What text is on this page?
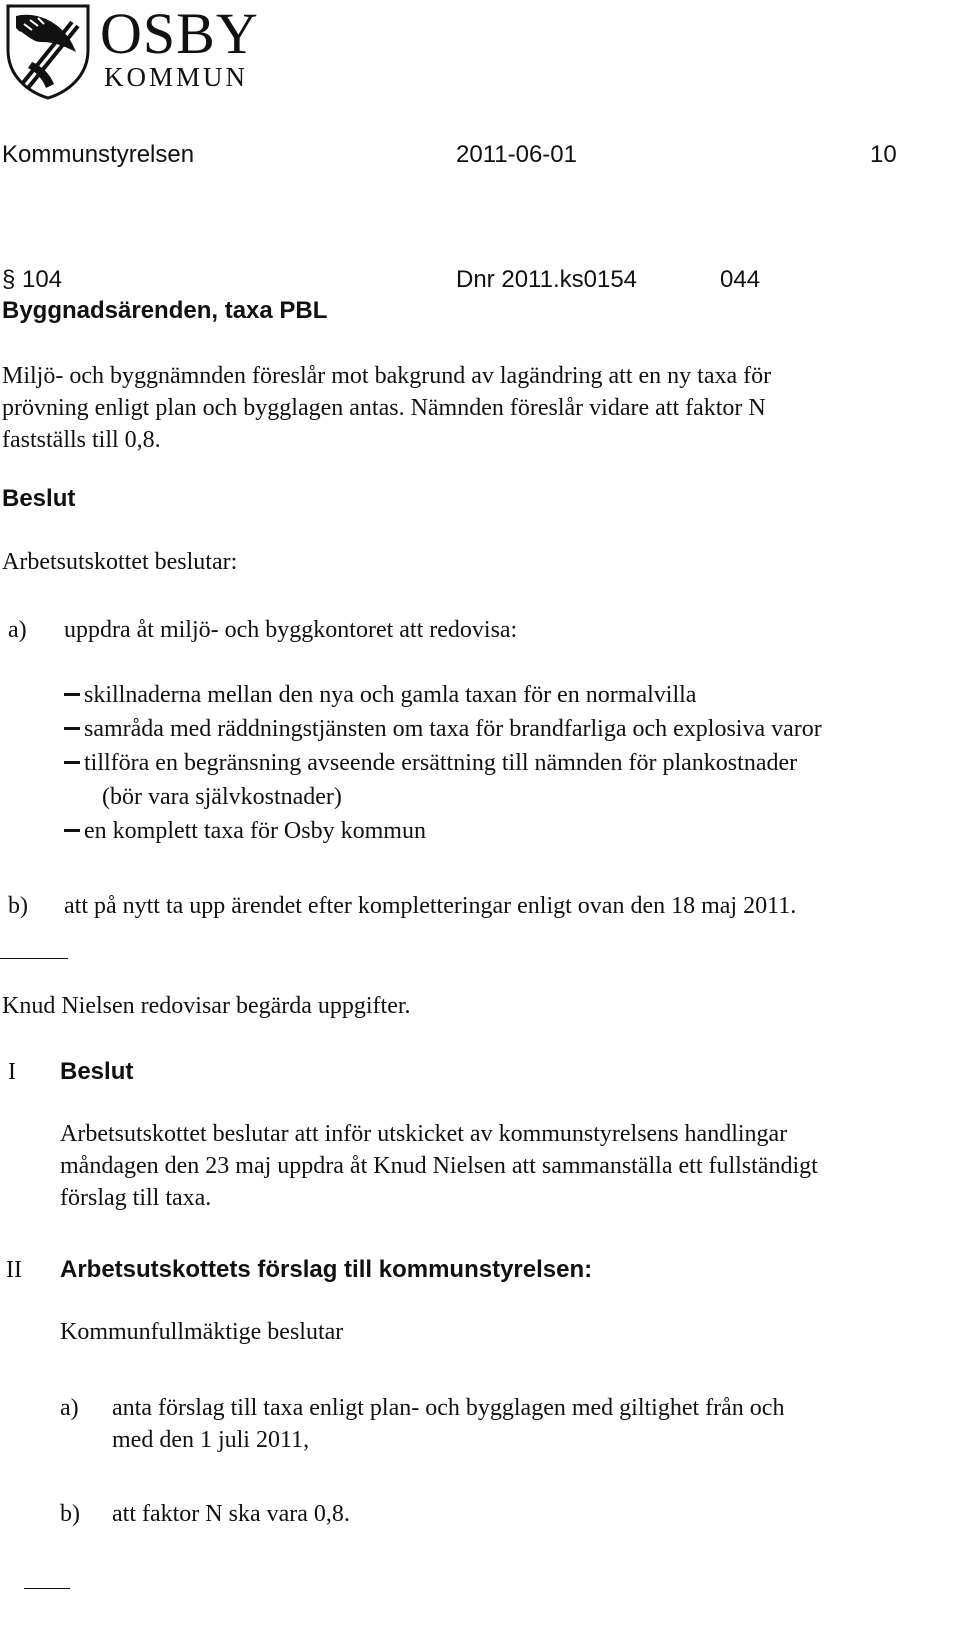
OSBY
KOMMUN
Kommunstyrelsen	2011-06-01	10
§ 104	Dnr 2011.ks0154	044
Byggnadsärenden, taxa PBL
Miljö- och byggnämnden föreslår mot bakgrund av lagändring att en ny taxa för
prövning enligt plan och bygglagen antas. Nämnden föreslår vidare att faktor N
fastställs till 0,8.
Beslut
Arbetsutskottet beslutar:
a) uppdra åt miljö- och byggkontoret att redovisa:
skillnaderna mellan den nya och gamla taxan för en normalvilla
samråda med räddningstjänsten om taxa för brandfarliga och explosiva varor
tillföra en begränsning avseende ersättning till nämnden för plankostnader
(bör vara självkostnader)
en komplett taxa för Osby kommun
b) att på nytt ta upp ärendet efter kompletteringar enligt ovan den 18 maj 2011.
Knud Nielsen redovisar begärda uppgifter.
I Beslut
Arbetsutskottet beslutar att inför utskicket av kommunstyrelsens handlingar
måndagen den 23 maj uppdra åt Knud Nielsen att sammanställa ett fullständigt
förslag till taxa.
II Arbetsutskottets förslag till kommunstyrelsen:
Kommunfullmäktige beslutar
a) anta förslag till taxa enligt plan- och bygglagen med giltighet från och
med den 1 juli 2011,
b) att faktor N ska vara 0,8.
